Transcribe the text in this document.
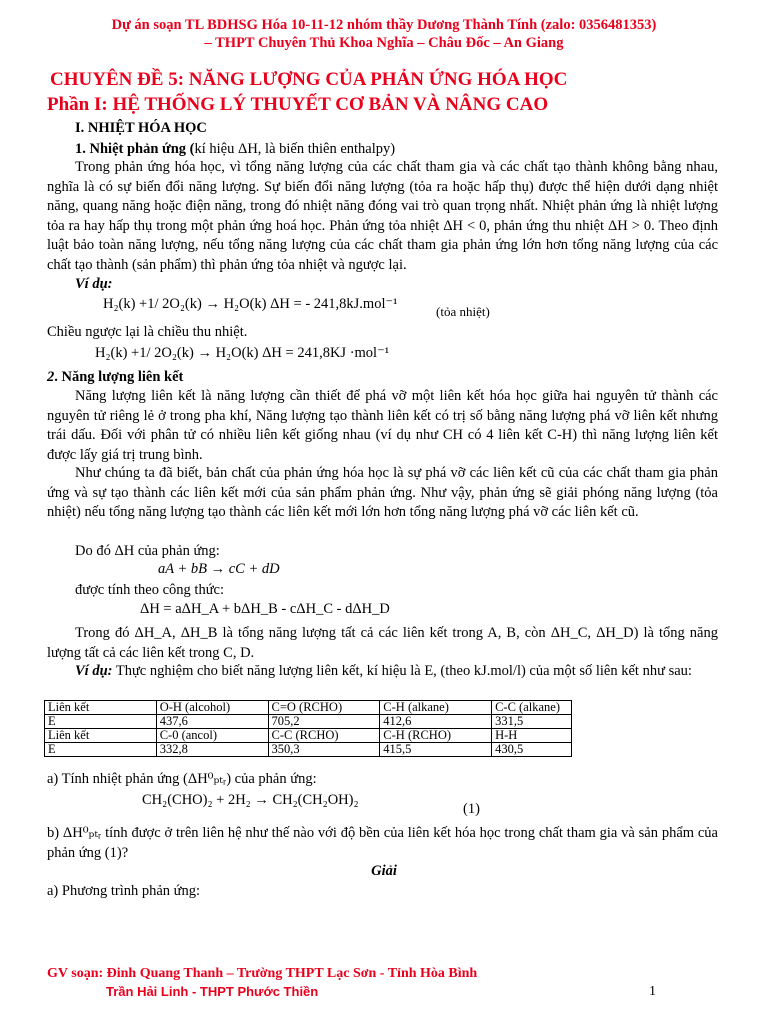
Dự án soạn TL BDHSG Hóa 10-11-12 nhóm thầy Dương Thành Tính (zalo: 0356481353)
– THPT Chuyên Thủ Khoa Nghĩa – Châu Đốc – An Giang
CHUYÊN ĐỀ 5: NĂNG LƯỢNG CỦA PHẢN ỨNG HÓA HỌC
Phần I: HỆ THỐNG LÝ THUYẾT CƠ BẢN VÀ NÂNG CAO
I. NHIỆT HÓA HỌC
1. Nhiệt phản ứng (kí hiệu ΔH, là biến thiên enthalpy)
Trong phản ứng hóa học, vì tổng năng lượng của các chất tham gia và các chất tạo thành không bằng nhau, nghĩa là có sự biến đổi năng lượng. Sự biến đổi năng lượng (tỏa ra hoặc hấp thụ) được thể hiện dưới dạng nhiệt năng, quang năng hoặc điện năng, trong đó nhiệt năng đóng vai trò quan trọng nhất. Nhiệt phản ứng là nhiệt lượng tỏa ra hay hấp thụ trong một phản ứng hoá học. Phản ứng tỏa nhiệt ΔH < 0, phản ứng thu nhiệt ΔH > 0. Theo định luật bảo toàn năng lượng, nếu tổng năng lượng của các chất tham gia phản ứng lớn hơn tổng năng lượng của các chất tạo thành (sản phẩm) thì phản ứng tỏa nhiệt và ngược lại.
Ví dụ:
H₂(k) +1/ 2O₂(k) → H₂O(k) ΔH = - 241,8kJ.mol⁻¹	(tỏa nhiệt)
Chiều ngược lại là chiều thu nhiệt.
H₂(k) +1/ 2O₂(k) → H₂O(k) ΔH = 241,8KJ ·mol⁻¹
2. Năng lượng liên kết
Năng lượng liên kết là năng lượng cần thiết để phá vỡ một liên kết hóa học giữa hai nguyên tử thành các nguyên tử riêng lẻ ở trong pha khí, Năng lượng tạo thành liên kết có trị số bằng năng lượng phá vỡ liên kết nhưng trái dấu. Đối với phân tử có nhiều liên kết giống nhau (ví dụ như CH có 4 liên kết C-H) thì năng lượng liên kết được lấy giá trị trung bình.
Như chúng ta đã biết, bản chất của phản ứng hóa học là sự phá vỡ các liên kết cũ của các chất tham gia phản ứng và sự tạo thành các liên kết mới của sản phẩm phản ứng. Như vậy, phản ứng sẽ giải phóng năng lượng (tỏa nhiệt) nếu tổng năng lượng tạo thành các liên kết mới lớn hơn tổng năng lượng phá vỡ các liên kết cũ.
Do đó ΔH của phản ứng:
aA + bB → cC + dD
được tính theo công thức:
ΔH = aΔH_A + bΔH_B - cΔH_C - dΔH_D
Trong đó ΔH_A, ΔH_B là tổng năng lượng tất cả các liên kết trong A, B, còn ΔH_C, ΔH_D) là tổng năng lượng tất cả các liên kết trong C, D.
Ví dụ: Thực nghiệm cho biết năng lượng liên kết, kí hiệu là E, (theo kJ.mol/l) của một số liên kết như sau:
Liên kết	O-H (alcohol)	C=O (RCHO)	C-H (alkane)	C-C (alkane)
E	437,6	705,2	412,6	331,5
Liên kết	C-0 (ancol)	C-C (RCHO)	C-H (RCHO)	H-H
E	332,8	350,3	415,5	430,5
a) Tính nhiệt phản ứng (ΔH⁰ₚₜᵣ) của phản ứng:
CH₂(CHO)₂ + 2H₂ → CH₂(CH₂OH)₂
(1)
b) ΔH⁰ₚₜᵣ tính được ở trên liên hệ như thế nào với độ bền của liên kết hóa học trong chất tham gia và sản phẩm của phản ứng (1)?
Giải
a) Phương trình phản ứng:
GV soạn: Đinh Quang Thanh – Trường THPT Lạc Sơn - Tỉnh Hòa Bình
Trần Hải Linh - THPT Phước Thiền	1
